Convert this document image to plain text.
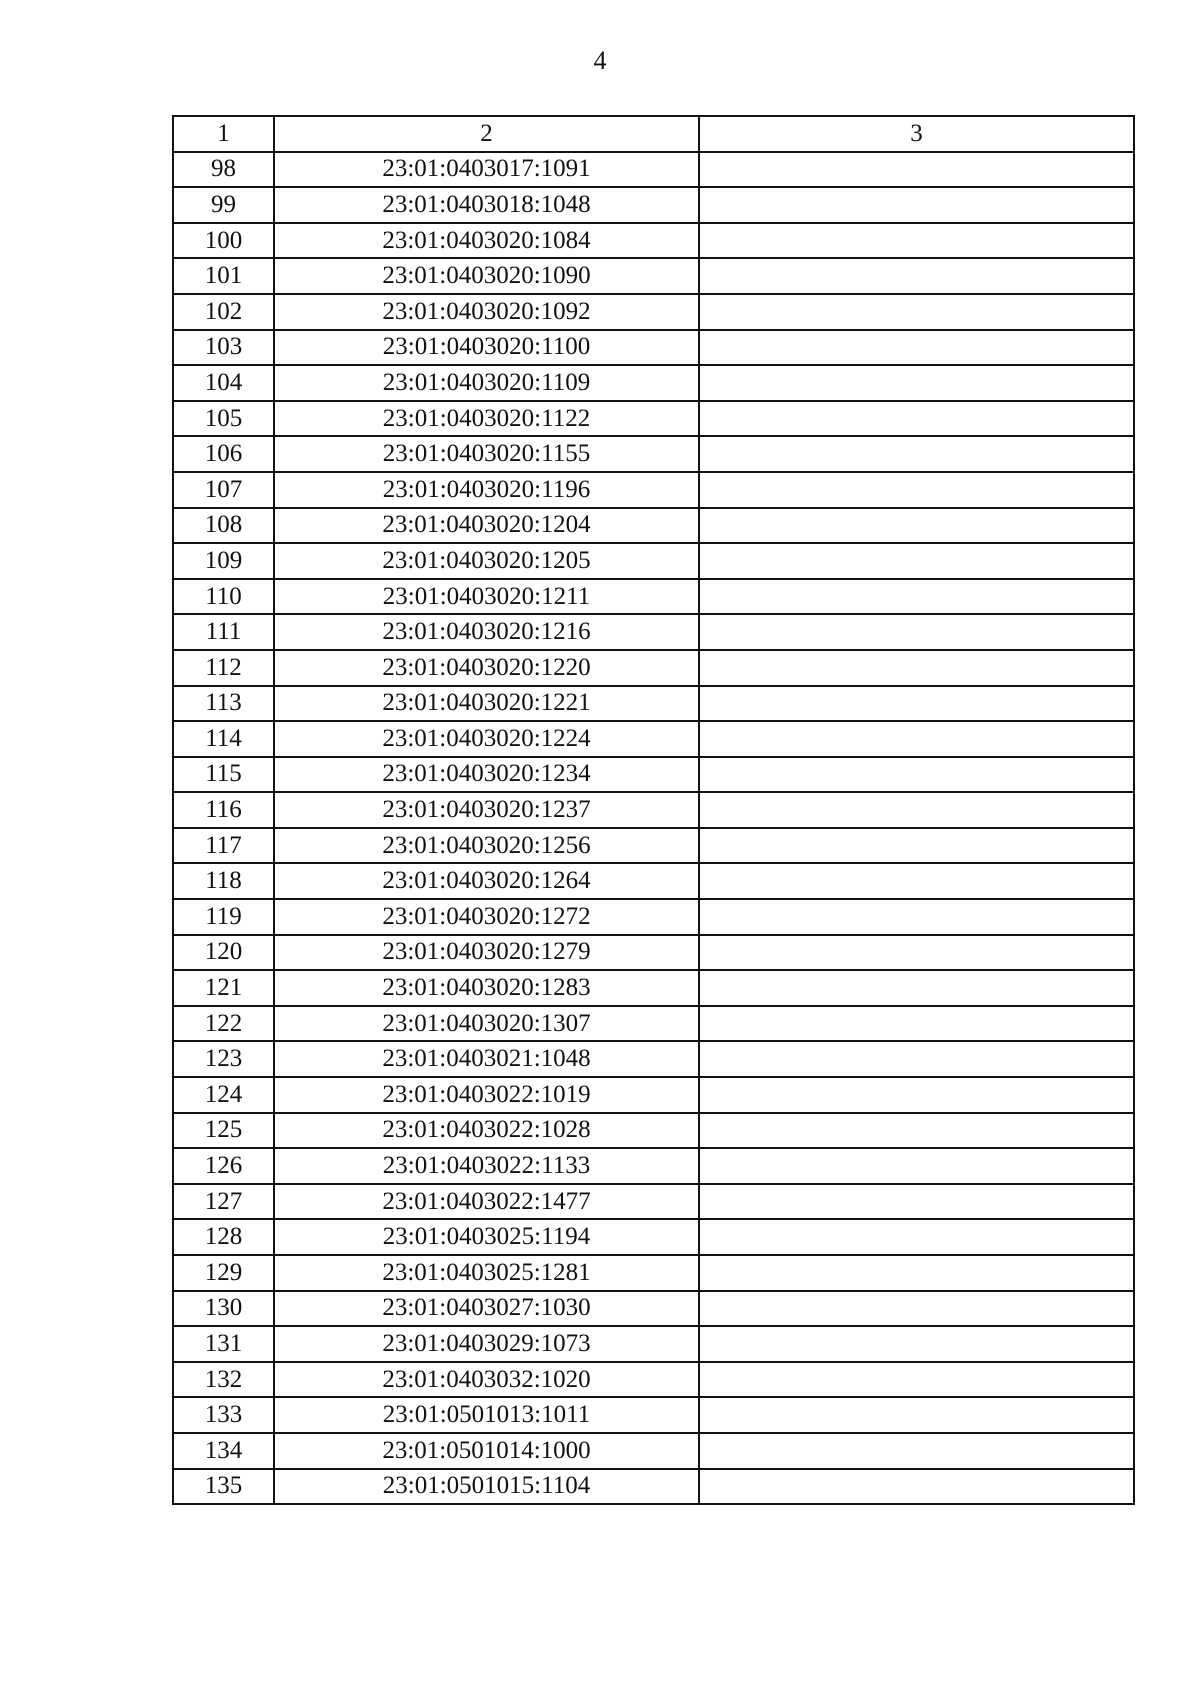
4
1	2	3
98	23:01:0403017:1091	
99	23:01:0403018:1048	
100	23:01:0403020:1084	
101	23:01:0403020:1090	
102	23:01:0403020:1092	
103	23:01:0403020:1100	
104	23:01:0403020:1109	
105	23:01:0403020:1122	
106	23:01:0403020:1155	
107	23:01:0403020:1196	
108	23:01:0403020:1204	
109	23:01:0403020:1205	
110	23:01:0403020:1211	
111	23:01:0403020:1216	
112	23:01:0403020:1220	
113	23:01:0403020:1221	
114	23:01:0403020:1224	
115	23:01:0403020:1234	
116	23:01:0403020:1237	
117	23:01:0403020:1256	
118	23:01:0403020:1264	
119	23:01:0403020:1272	
120	23:01:0403020:1279	
121	23:01:0403020:1283	
122	23:01:0403020:1307	
123	23:01:0403021:1048	
124	23:01:0403022:1019	
125	23:01:0403022:1028	
126	23:01:0403022:1133	
127	23:01:0403022:1477	
128	23:01:0403025:1194	
129	23:01:0403025:1281	
130	23:01:0403027:1030	
131	23:01:0403029:1073	
132	23:01:0403032:1020	
133	23:01:0501013:1011	
134	23:01:0501014:1000	
135	23:01:0501015:1104	
